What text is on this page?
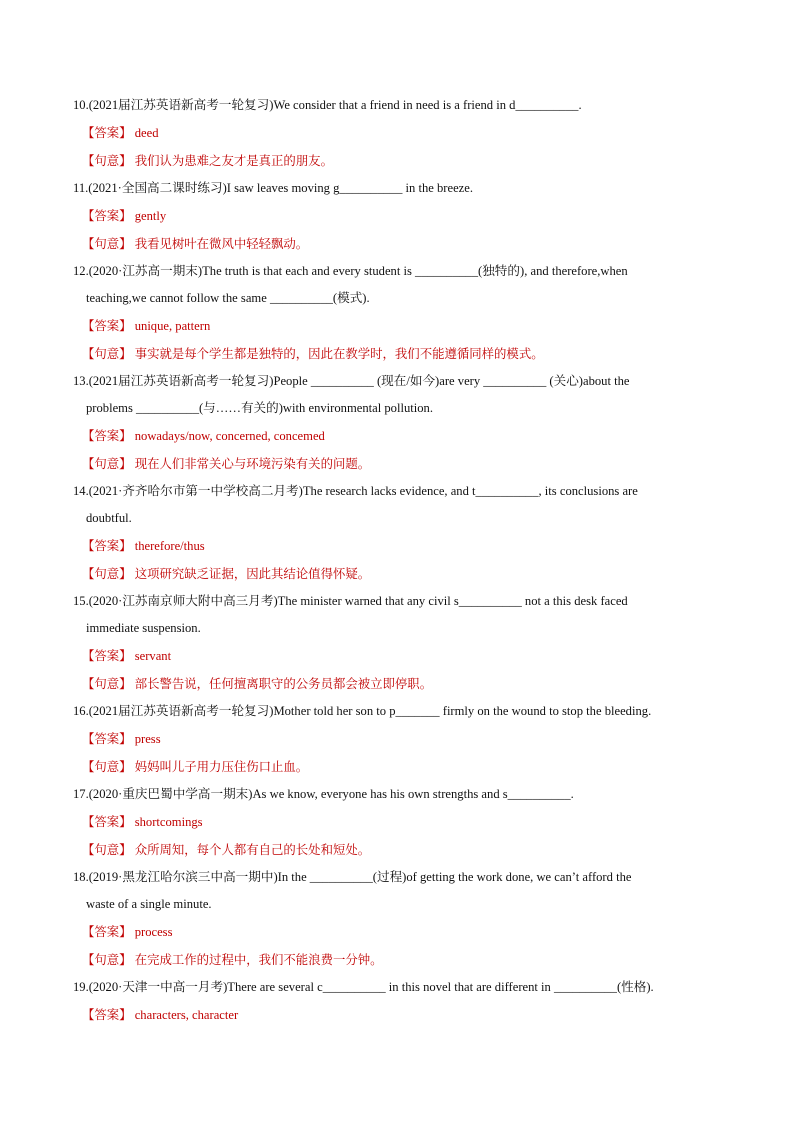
10.(2021届江苏英语新高考一轮复习)We consider that a friend in need is a friend in d__________.
【答案】 deed
【句意】 我们认为患难之友才是真正的朋友。
11.(2021·全国高二课时练习)I saw leaves moving g__________ in the breeze.
【答案】 gently
【句意】 我看见树叶在微风中轻轻飘动。
12.(2020·江苏高一期末)The truth is that each and every student is __________(独特的), and therefore,when
teaching,we cannot follow the same __________(模式).
【答案】 unique, pattern
【句意】 事实就是每个学生都是独特的，因此在教学时，我们不能遵循同样的模式。
13.(2021届江苏英语新高考一轮复习)People __________ (现在/如今)are very __________ (关心)about the
problems __________(与……有关的)with environmental pollution.
【答案】 nowadays/now, concerned, concemed
【句意】 现在人们非常关心与环境污染有关的问题。
14.(2021·齐齐哈尔市第一中学校高二月考)The research lacks evidence, and t__________, its conclusions are
doubtful.
【答案】 therefore/thus
【句意】 这项研究缺乏证据，因此其结论值得怀疑。
15.(2020·江苏南京师大附中高三月考)The minister warned that any civil s__________ not a this desk faced
immediate suspension.
【答案】 servant
【句意】 部长警告说，任何擅离职守的公务员都会被立即停职。
16.(2021届江苏英语新高考一轮复习)Mother told her son to p_______ firmly on the wound to stop the bleeding.
【答案】 press
【句意】 妈妈叫儿子用力压住伤口止血。
17.(2020·重庆巴蜀中学高一期末)As we know, everyone has his own strengths and s__________.
【答案】 shortcomings
【句意】 众所周知，每个人都有自己的长处和短处。
18.(2019·黑龙江哈尔滨三中高一期中)In the __________(过程)of getting the work done, we can’t afford the
waste of a single minute.
【答案】 process
【句意】 在完成工作的过程中，我们不能浪费一分钟。
19.(2020·天津一中高一月考)There are several c__________ in this novel that are different in __________(性格).
【答案】 characters, character
